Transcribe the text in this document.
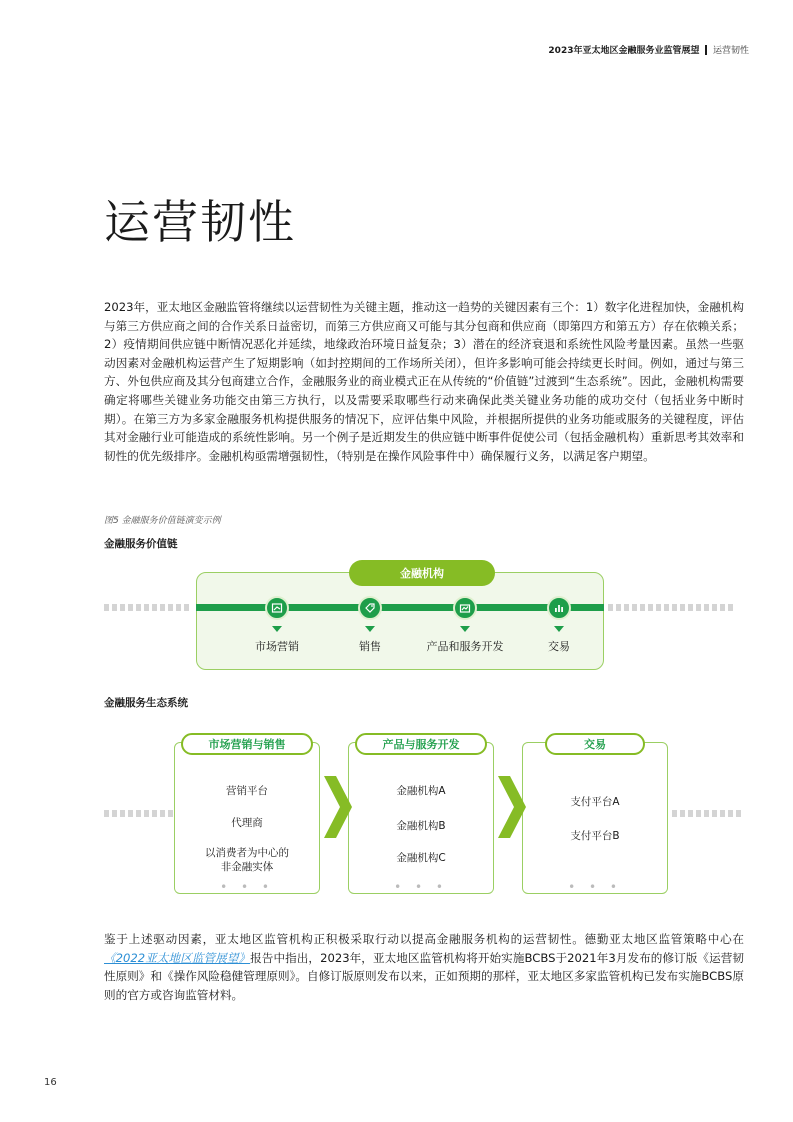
2023年亚太地区金融服务业监管展望 运营韧性
运营韧性

2023年，亚太地区金融监管将继续以运营韧性为关键主题，推动这一趋势的关键因素有三个：1）数字化进程加快，金融机构与第三方供应商之间的合作关系日益密切，而第三方供应商又可能与其分包商和供应商（即第四方和第五方）存在依赖关系；2）疫情期间供应链中断情况恶化并延续，地缘政治环境日益复杂；3）潜在的经济衰退和系统性风险考量因素。虽然一些驱动因素对金融机构运营产生了短期影响（如封控期间的工作场所关闭），但许多影响可能会持续更长时间。例如，通过与第三方、外包供应商及其分包商建立合作，金融服务业的商业模式正在从传统的“价值链”过渡到“生态系统”。因此，金融机构需要确定将哪些关键业务功能交由第三方执行，以及需要采取哪些行动来确保此类关键业务功能的成功交付（包括业务中断时期）。在第三方为多家金融服务机构提供服务的情况下，应评估集中风险，并根据所提供的业务功能或服务的关键程度，评估其对金融行业可能造成的系统性影响。另一个例子是近期发生的供应链中断事件促使公司（包括金融机构）重新思考其效率和韧性的优先级排序。金融机构亟需增强韧性，（特别是在操作风险事件中）确保履行义务，以满足客户期望。

图5 金融服务价值链演变示例
金融服务价值链
金融机构
市场营销	销售	产品和服务开发	交易
金融服务生态系统
市场营销与销售	产品与服务开发	交易
营销平台
代理商
以消费者为中心的
非金融实体
金融机构A
金融机构B
金融机构C
支付平台A
支付平台B
• • •	• • •	• • •

鉴于上述驱动因素，亚太地区监管机构正积极采取行动以提高金融服务机构的运营韧性。德勤亚太地区监管策略中心在《2022亚太地区监管展望》报告中指出，2023年，亚太地区监管机构将开始实施BCBS于2021年3月发布的修订版《运营韧性原则》和《操作风险稳健管理原则》。自修订版原则发布以来，正如预期的那样，亚太地区多家监管机构已发布实施BCBS原则的官方或咨询监管材料。

16
